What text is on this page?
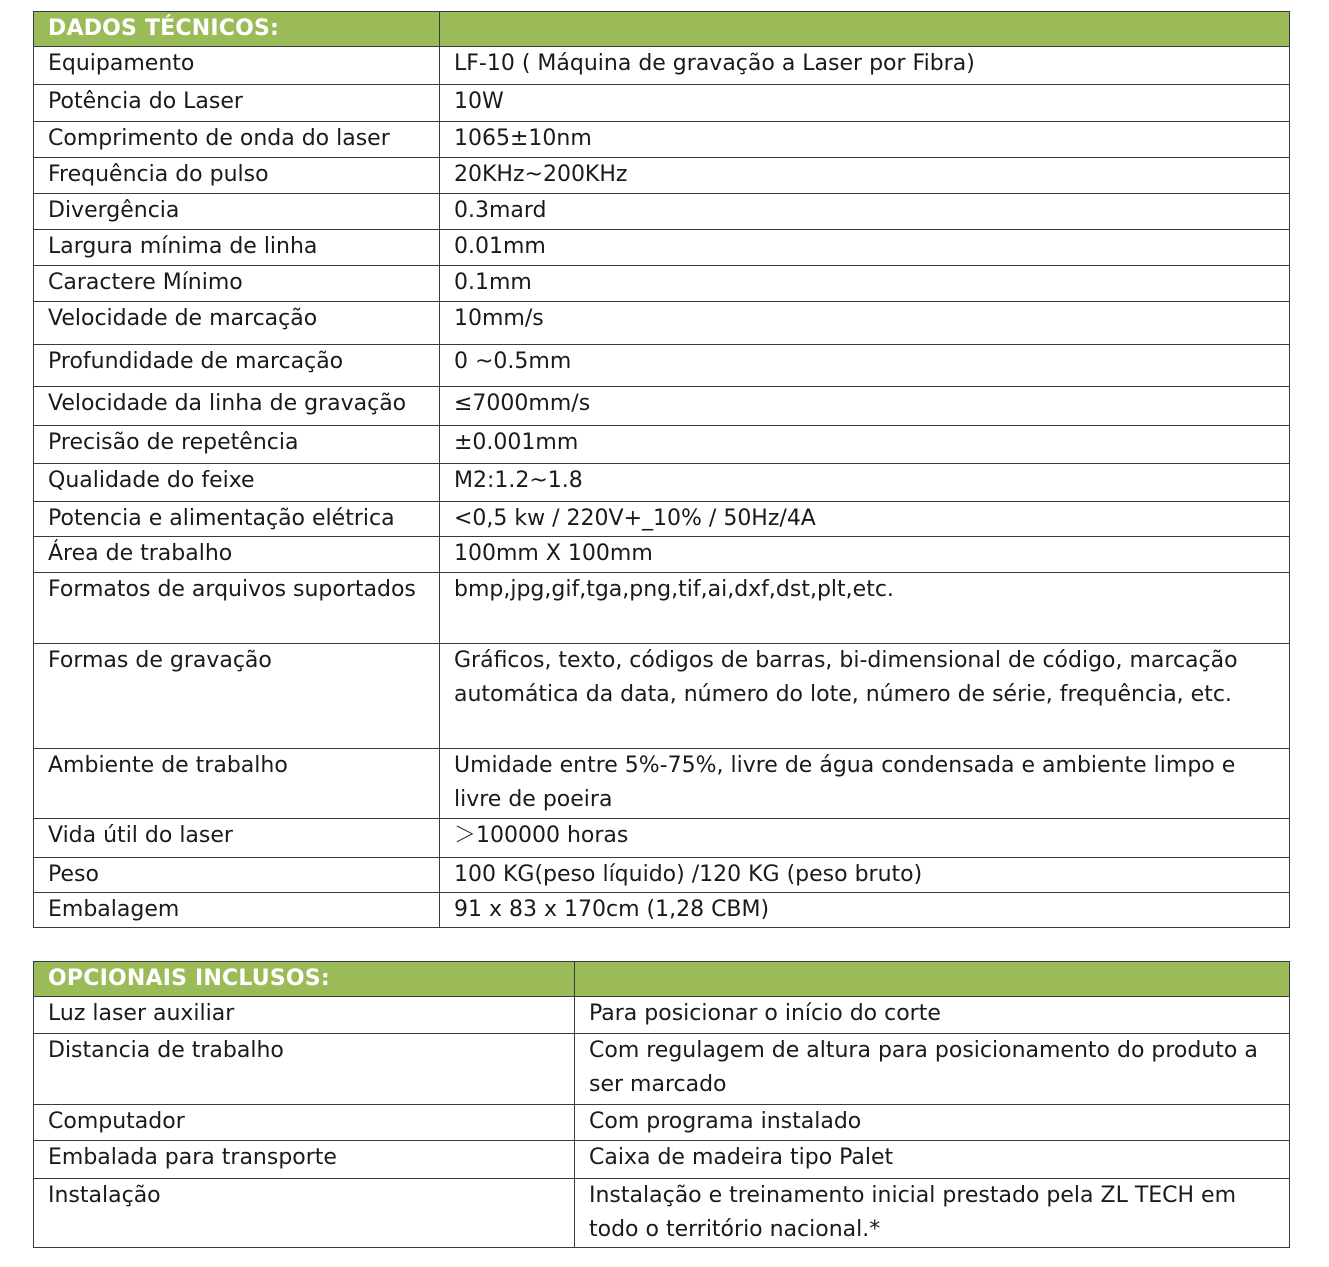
DADOS TÉCNICOS:	
Equipamento	LF-10 ( Máquina de gravação a Laser por Fibra)
Potência do Laser	10W
Comprimento de onda do laser	1065±10nm
Frequência do pulso	20KHz~200KHz
Divergência	0.3mard
Largura mínima de linha	0.01mm
Caractere Mínimo	0.1mm
Velocidade de marcação	10mm/s
Profundidade de marcação	0 ~0.5mm
Velocidade da linha de gravação	≤7000mm/s
Precisão de repetência	±0.001mm
Qualidade do feixe	M2:1.2~1.8
Potencia e alimentação elétrica	<0,5 kw / 220V+_10% / 50Hz/4A
Área de trabalho	100mm X 100mm
Formatos de arquivos suportados	bmp,jpg,gif,tga,png,tif,ai,dxf,dst,plt,etc.
Formas de gravação	Gráficos, texto, códigos de barras, bi-dimensional de código, marcação automática da data, número do lote, número de série, frequência, etc.
Ambiente de trabalho	Umidade entre 5%-75%, livre de água condensada e ambiente limpo e livre de poeira
Vida útil do laser	＞100000 horas
Peso	100 KG(peso líquido) /120 KG (peso bruto)
Embalagem	91 x 83 x 170cm (1,28 CBM)
OPCIONAIS INCLUSOS:	
Luz laser auxiliar	Para posicionar o início do corte
Distancia de trabalho	Com regulagem de altura para posicionamento do produto a ser marcado
Computador	Com programa instalado
Embalada para transporte	Caixa de madeira tipo Palet
Instalação	Instalação e treinamento inicial prestado pela ZL TECH em todo o território nacional.*
